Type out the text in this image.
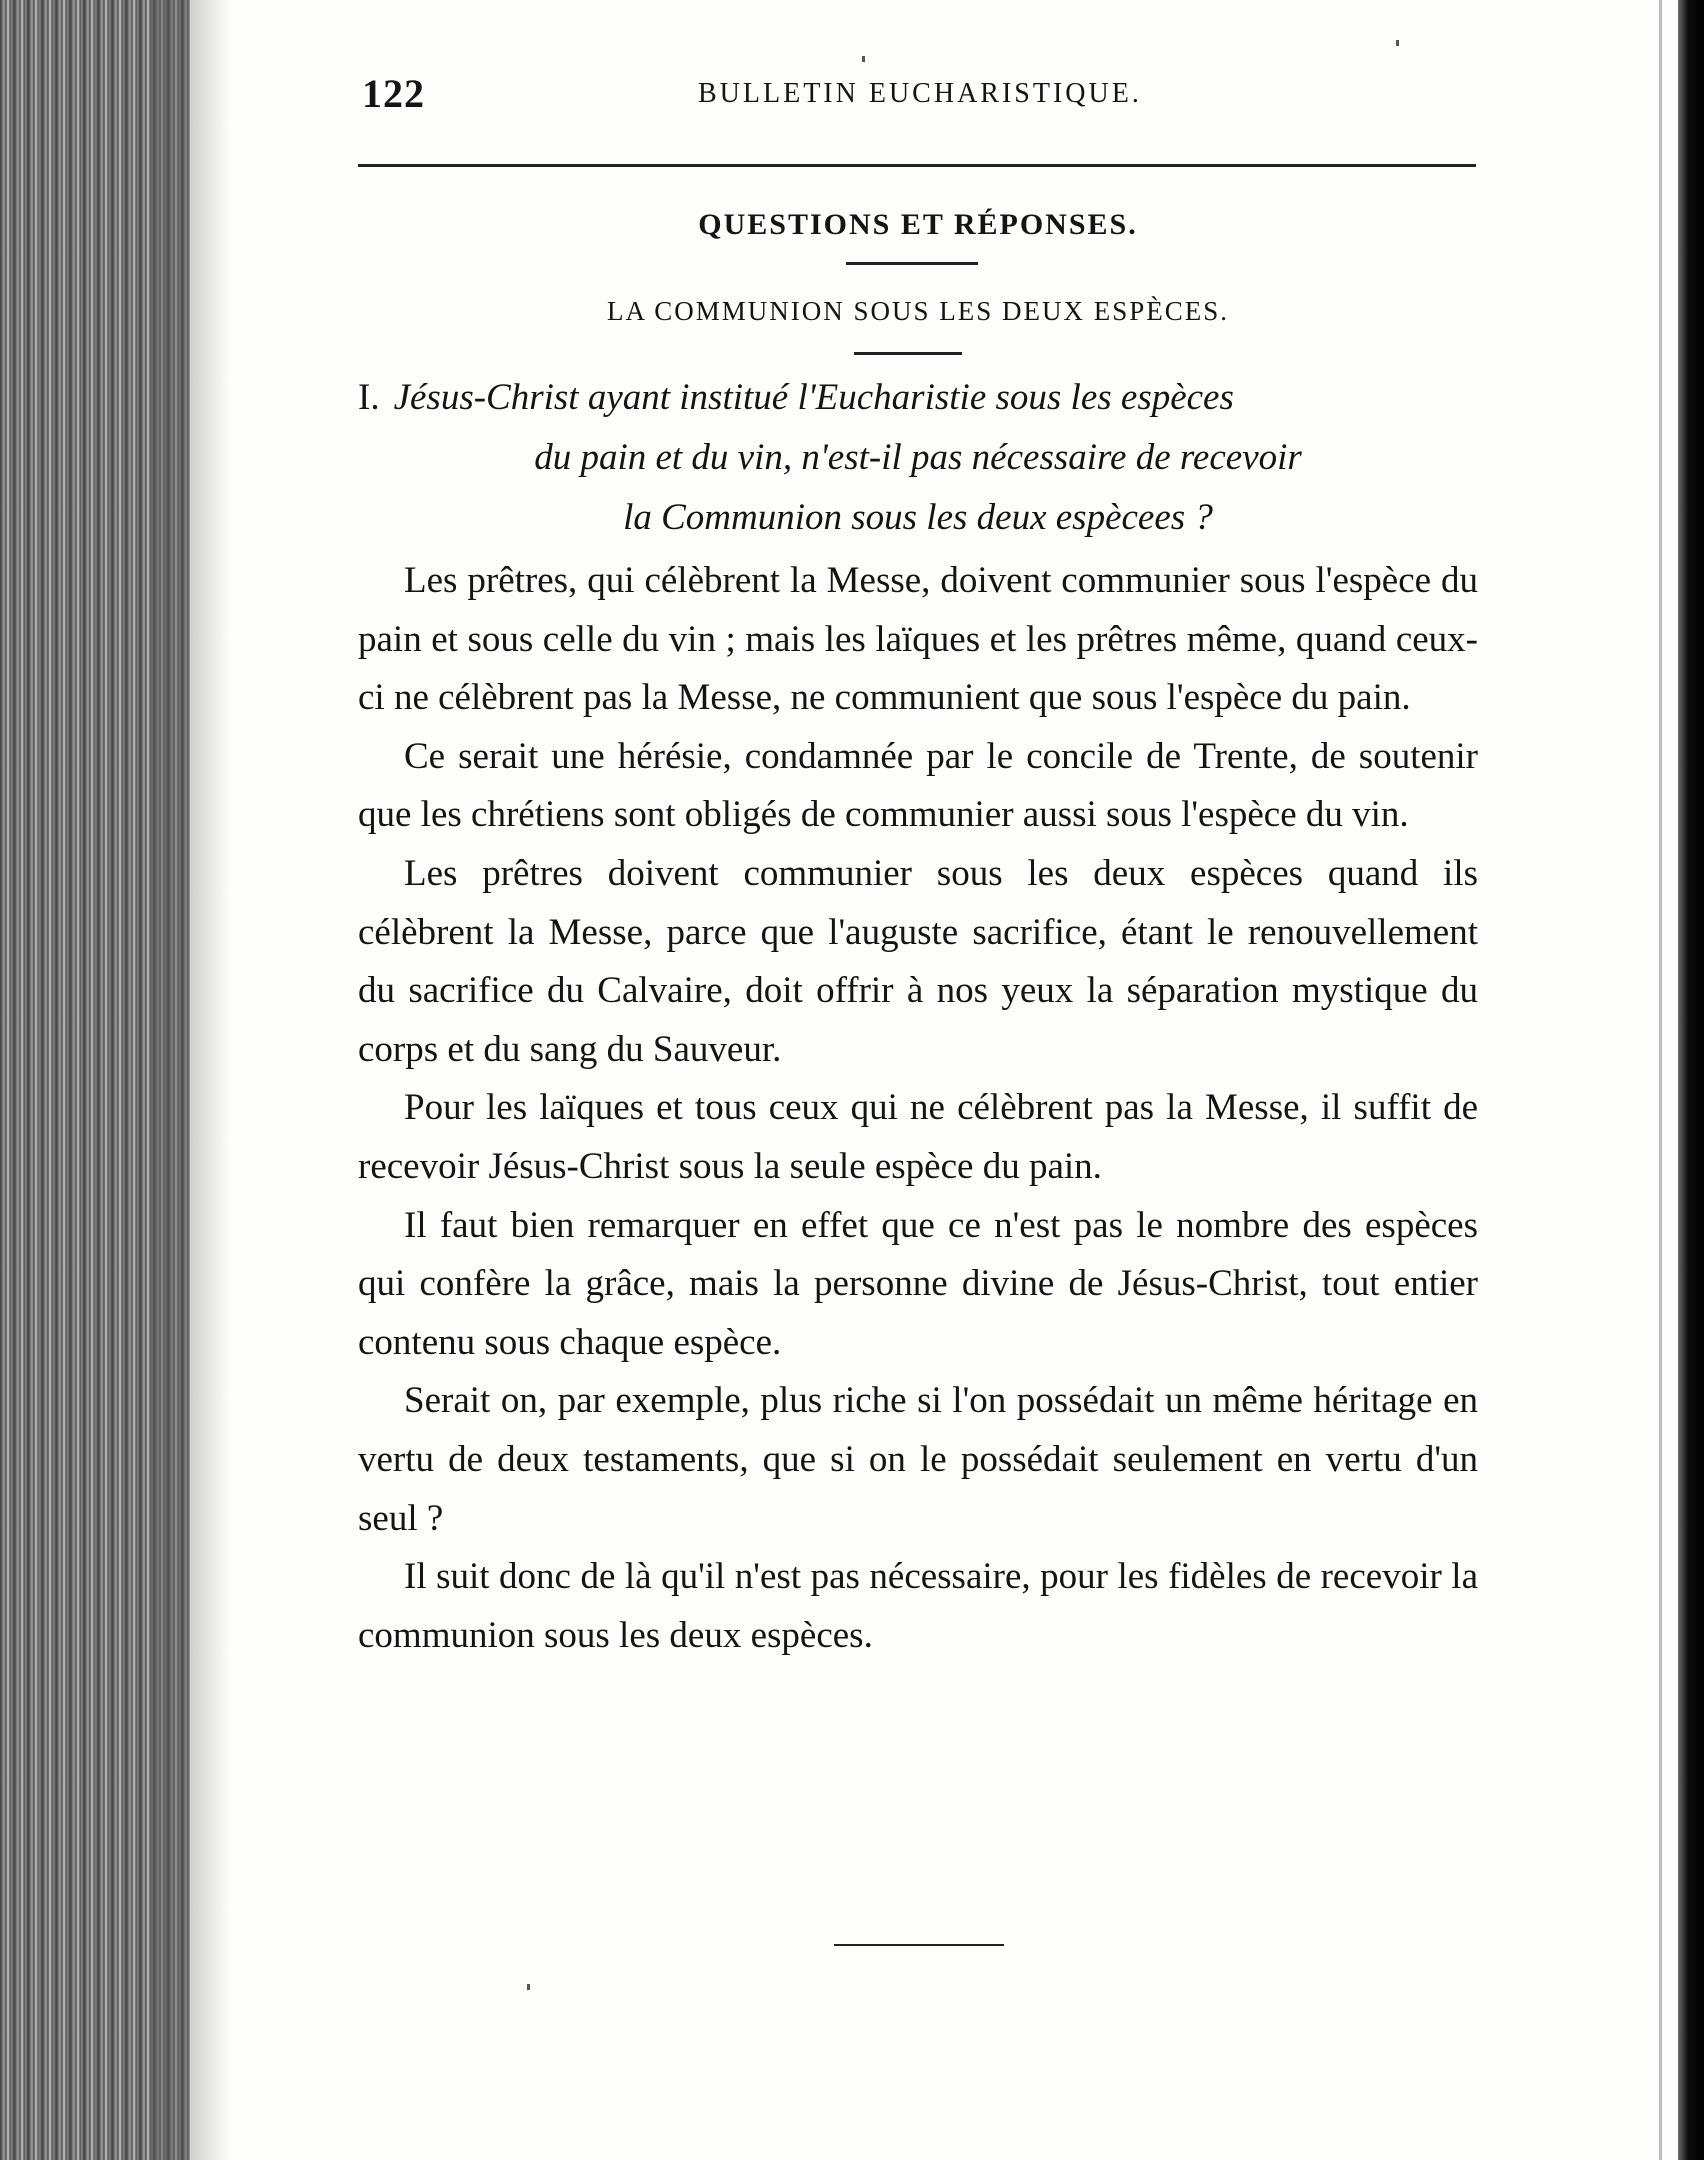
122	BULLETIN EUCHARISTIQUE.
QUESTIONS ET RÉPONSES.
LA COMMUNION SOUS LES DEUX ESPÈCES.
I. Jésus-Christ ayant institué l'Eucharistie sous les espèces
du pain et du vin, n'est-il pas nécessaire de recevoir
la Communion sous les deux espècees ?

Les prêtres, qui célèbrent la Messe, doivent communier sous l'espèce du pain et sous celle du vin ; mais les laïques et les prêtres même, quand ceux-ci ne célèbrent pas la Messe, ne communient que sous l'espèce du pain.

Ce serait une hérésie, condamnée par le concile de Trente, de soutenir que les chrétiens sont obligés de communier aussi sous l'espèce du vin.

Les prêtres doivent communier sous les deux espèces quand ils célèbrent la Messe, parce que l'auguste sacrifice, étant le renouvellement du sacrifice du Calvaire, doit offrir à nos yeux la séparation mystique du corps et du sang du Sauveur.

Pour les laïques et tous ceux qui ne célèbrent pas la Messe, il suffit de recevoir Jésus-Christ sous la seule espèce du pain.

Il faut bien remarquer en effet que ce n'est pas le nombre des espèces qui confère la grâce, mais la personne divine de Jésus-Christ, tout entier contenu sous chaque espèce.

Serait on, par exemple, plus riche si l'on possédait un même héritage en vertu de deux testaments, que si on le possédait seulement en vertu d'un seul ?

Il suit donc de là qu'il n'est pas nécessaire, pour les fidèles de recevoir la communion sous les deux espèces.
